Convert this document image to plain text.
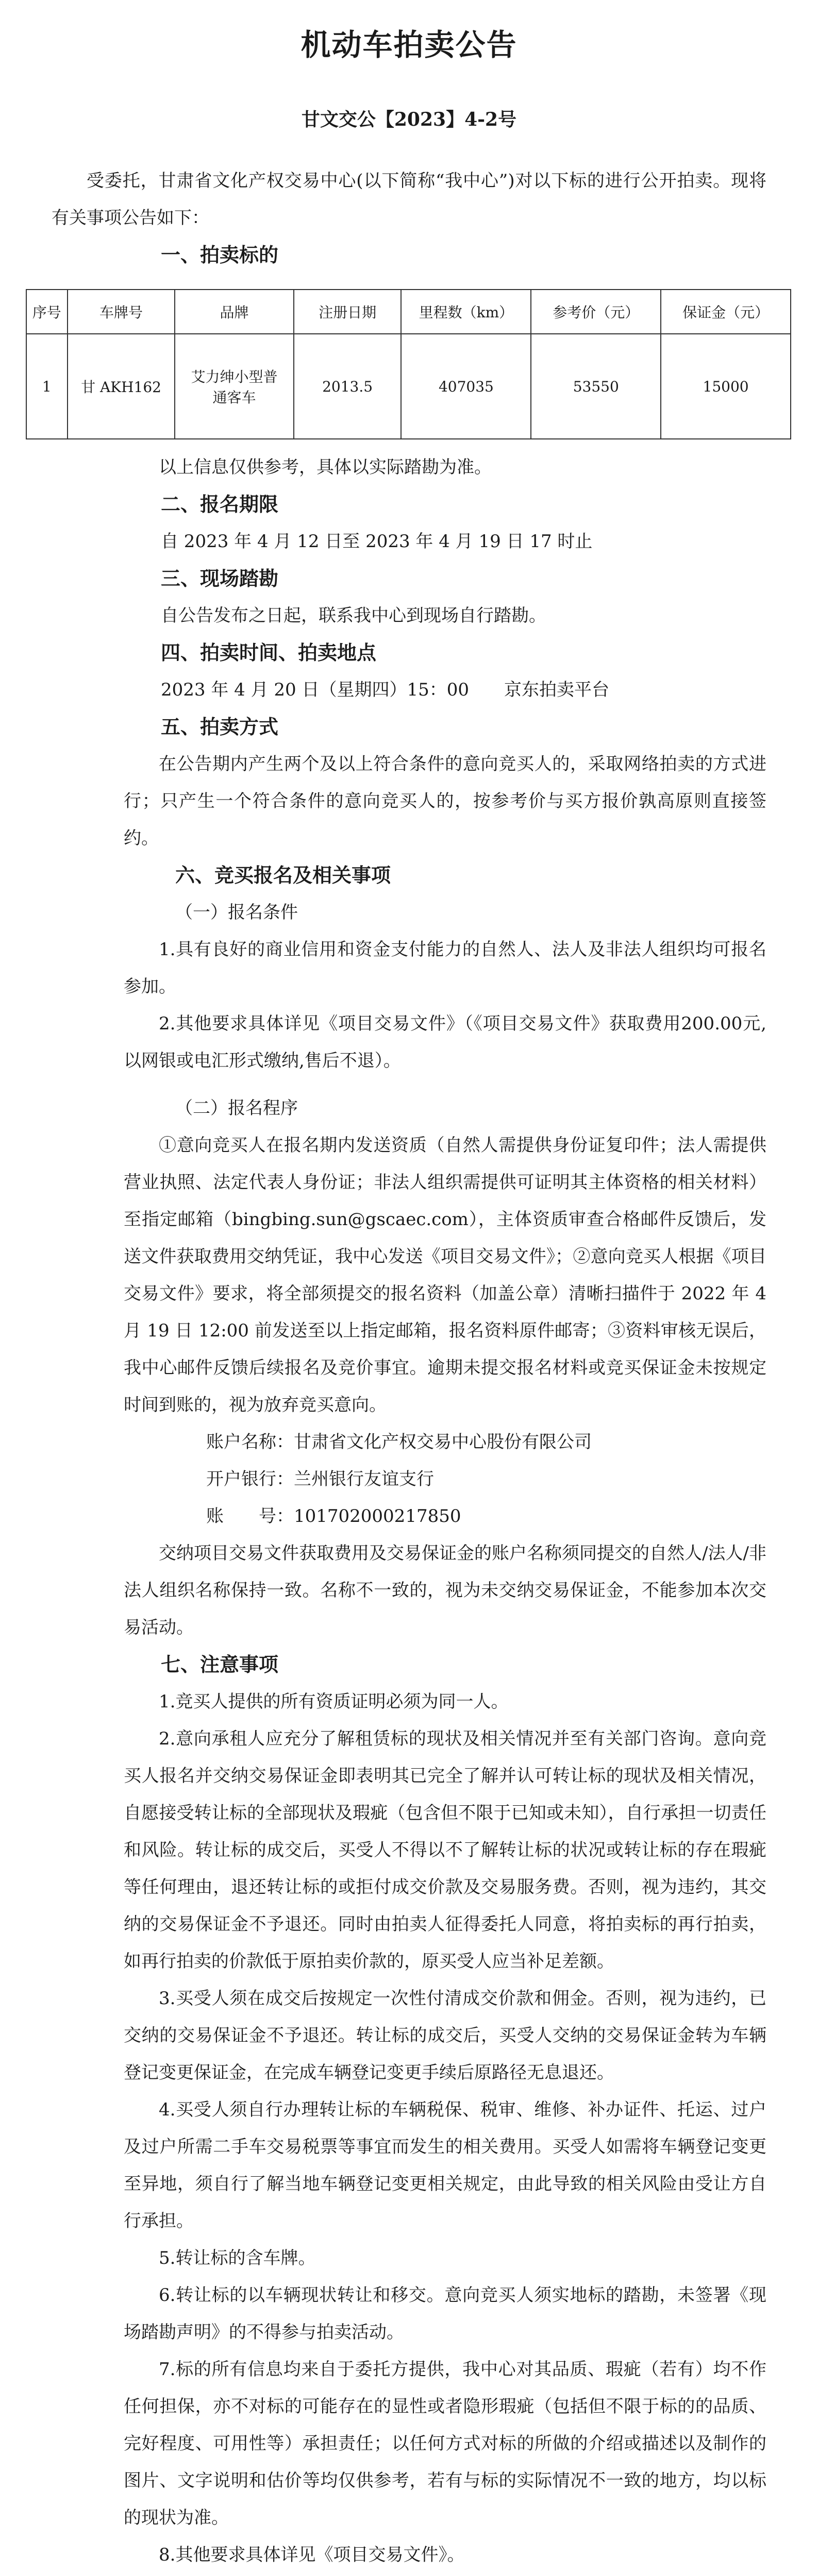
机动车拍卖公告
甘文交公【2023】4-2号

受委托，甘肃省文化产权交易中心(以下简称“我中心”)对以下标的进行公开拍卖。现将有关事项公告如下：

一、拍卖标的
序号	车牌号	品牌	注册日期	里程数（km）	参考价（元）	保证金（元）
1	甘 AKH162	艾力绅小型普通客车	2013.5	407035	53550	15000

以上信息仅供参考，具体以实际踏勘为准。

二、报名期限

自 2023 年 4 月 12 日至 2023 年 4 月 19 日 17 时止

三、现场踏勘

自公告发布之日起，联系我中心到现场自行踏勘。

四、拍卖时间、拍卖地点

2023 年 4 月 20 日（星期四）15：00　　京东拍卖平台

五、拍卖方式

在公告期内产生两个及以上符合条件的意向竞买人的，采取网络拍卖的方式进行；只产生一个符合条件的意向竞买人的，按参考价与买方报价孰高原则直接签约。

六、竞买报名及相关事项
（一）报名条件

1.具有良好的商业信用和资金支付能力的自然人、法人及非法人组织均可报名参加。

2.其他要求具体详见《项目交易文件》（《项目交易文件》获取费用200.00元,以网银或电汇形式缴纳,售后不退）。

（二）报名程序

①意向竞买人在报名期内发送资质（自然人需提供身份证复印件；法人需提供营业执照、法定代表人身份证；非法人组织需提供可证明其主体资格的相关材料）至指定邮箱（bingbing.sun@gscaec.com），主体资质审查合格邮件反馈后，发送文件获取费用交纳凭证，我中心发送《项目交易文件》；②意向竞买人根据《项目交易文件》要求，将全部须提交的报名资料（加盖公章）清晰扫描件于 2022 年 4 月 19 日 12:00 前发送至以上指定邮箱，报名资料原件邮寄；③资料审核无误后，我中心邮件反馈后续报名及竞价事宜。逾期未提交报名材料或竞买保证金未按规定时间到账的，视为放弃竞买意向。

账户名称：甘肃省文化产权交易中心股份有限公司
开户银行：兰州银行友谊支行
账　　号：101702000217850

交纳项目交易文件获取费用及交易保证金的账户名称须同提交的自然人/法人/非法人组织名称保持一致。名称不一致的，视为未交纳交易保证金，不能参加本次交易活动。

七、注意事项

1.竞买人提供的所有资质证明必须为同一人。

2.意向承租人应充分了解租赁标的现状及相关情况并至有关部门咨询。意向竞买人报名并交纳交易保证金即表明其已完全了解并认可转让标的现状及相关情况，自愿接受转让标的全部现状及瑕疵（包含但不限于已知或未知），自行承担一切责任和风险。转让标的成交后，买受人不得以不了解转让标的状况或转让标的存在瑕疵等任何理由，退还转让标的或拒付成交价款及交易服务费。否则，视为违约，其交纳的交易保证金不予退还。同时由拍卖人征得委托人同意，将拍卖标的再行拍卖，如再行拍卖的价款低于原拍卖价款的，原买受人应当补足差额。

3.买受人须在成交后按规定一次性付清成交价款和佣金。否则，视为违约，已交纳的交易保证金不予退还。转让标的成交后，买受人交纳的交易保证金转为车辆登记变更保证金，在完成车辆登记变更手续后原路径无息退还。

4.买受人须自行办理转让标的车辆税保、税审、维修、补办证件、托运、过户及过户所需二手车交易税票等事宜而发生的相关费用。买受人如需将车辆登记变更至异地，须自行了解当地车辆登记变更相关规定，由此导致的相关风险由受让方自行承担。

5.转让标的含车牌。

6.转让标的以车辆现状转让和移交。意向竞买人须实地标的踏勘，未签署《现场踏勘声明》的不得参与拍卖活动。

7.标的所有信息均来自于委托方提供，我中心对其品质、瑕疵（若有）均不作任何担保，亦不对标的可能存在的显性或者隐形瑕疵（包括但不限于标的的品质、完好程度、可用性等）承担责任；以任何方式对标的所做的介绍或描述以及制作的图片、文字说明和估价等均仅供参考，若有与标的实际情况不一致的地方，均以标的现状为准。

8.其他要求具体详见《项目交易文件》。
